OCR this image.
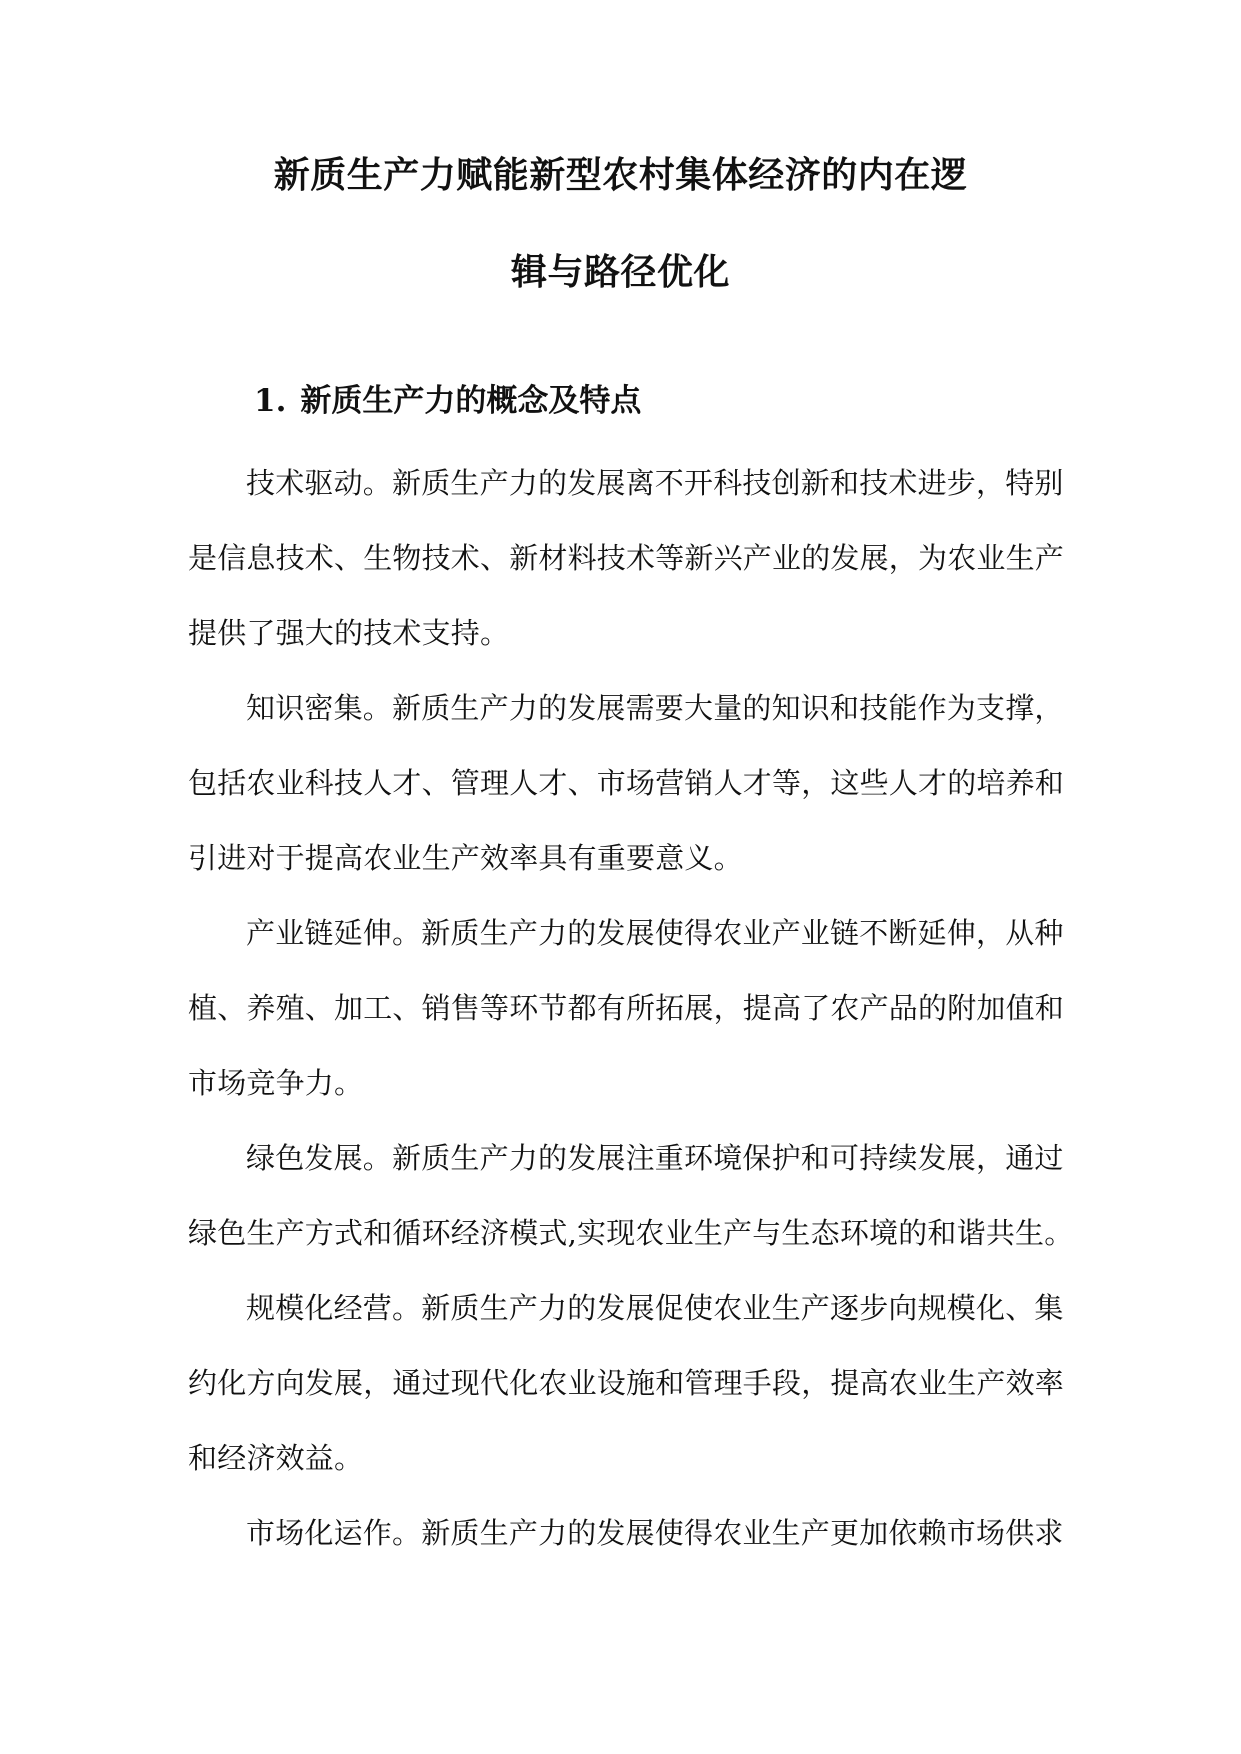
新质生产力赋能新型农村集体经济的内在逻
辑与路径优化
1. 新质生产力的概念及特点

技术驱动。新质生产力的发展离不开科技创新和技术进步，特别
是信息技术、生物技术、新材料技术等新兴产业的发展，为农业生产
提供了强大的技术支持。

知识密集。新质生产力的发展需要大量的知识和技能作为支撑，
包括农业科技人才、管理人才、市场营销人才等，这些人才的培养和
引进对于提高农业生产效率具有重要意义。

产业链延伸。新质生产力的发展使得农业产业链不断延伸，从种
植、养殖、加工、销售等环节都有所拓展，提高了农产品的附加值和
市场竞争力。

绿色发展。新质生产力的发展注重环境保护和可持续发展，通过
绿色生产方式和循环经济模式,实现农业生产与生态环境的和谐共生。

规模化经营。新质生产力的发展促使农业生产逐步向规模化、集
约化方向发展，通过现代化农业设施和管理手段，提高农业生产效率
和经济效益。

市场化运作。新质生产力的发展使得农业生产更加依赖市场供求
